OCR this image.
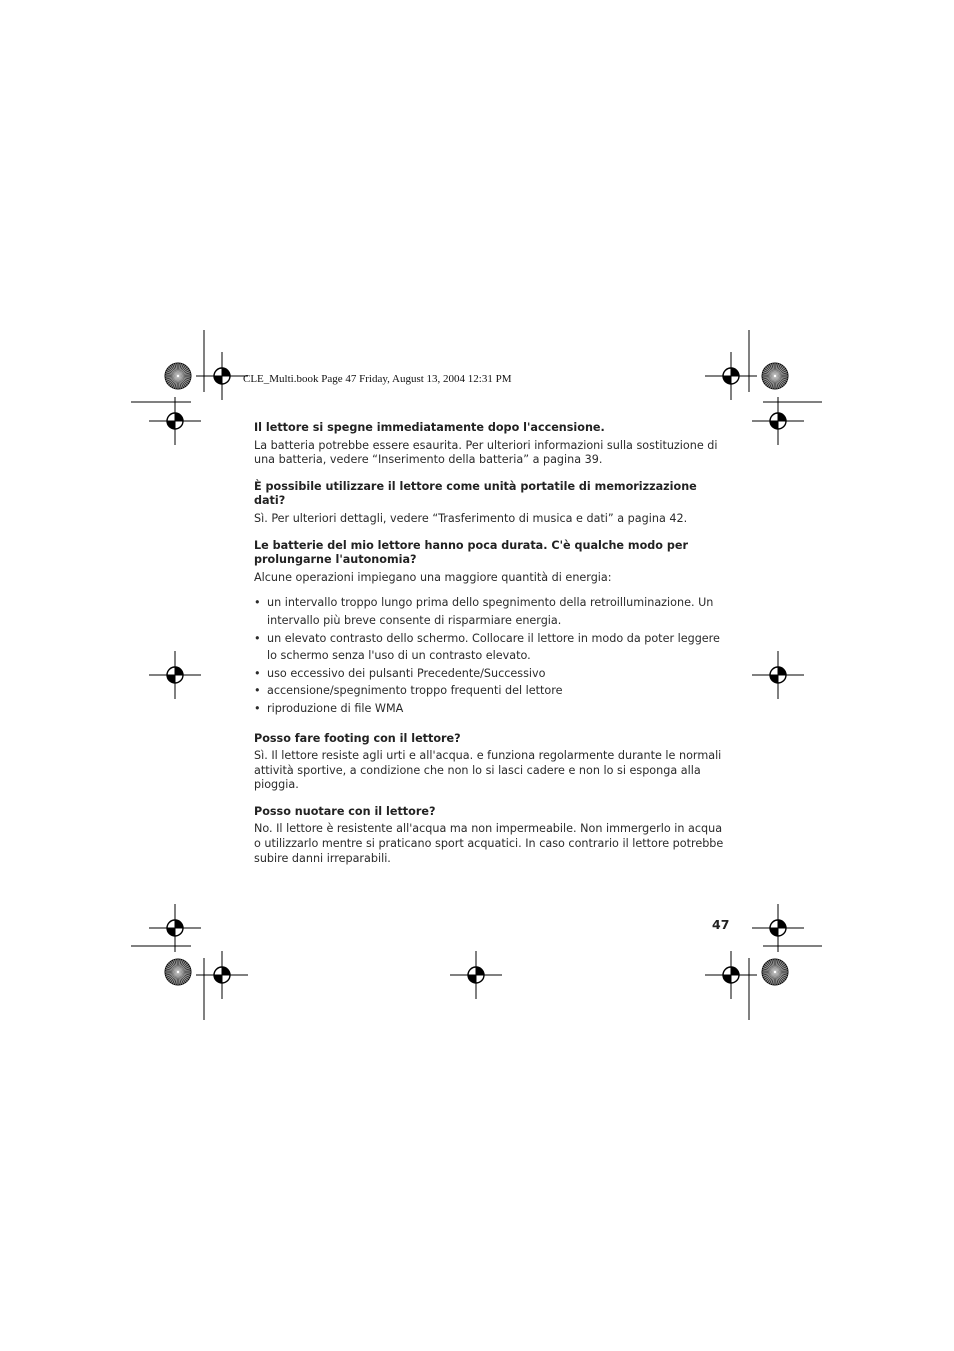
CLE_Multi.book Page 47 Friday, August 13, 2004 12:31 PM

Il lettore si spegne immediatamente dopo l'accensione.

La batteria potrebbe essere esaurita. Per ulteriori informazioni sulla sostituzione di una batteria, vedere “Inserimento della batteria” a pagina 39.

È possibile utilizzare il lettore come unità portatile di memorizzazione dati?

Sì. Per ulteriori dettagli, vedere “Trasferimento di musica e dati” a pagina 42.

Le batterie del mio lettore hanno poca durata. C'è qualche modo per prolungarne l'autonomia?

Alcune operazioni impiegano una maggiore quantità di energia:

• un intervallo troppo lungo prima dello spegnimento della retroilluminazione. Un intervallo più breve consente di risparmiare energia.
• un elevato contrasto dello schermo. Collocare il lettore in modo da poter leggere lo schermo senza l'uso di un contrasto elevato.
• uso eccessivo dei pulsanti Precedente/Successivo
• accensione/spegnimento troppo frequenti del lettore
• riproduzione di file WMA

Posso fare footing con il lettore?

Sì. Il lettore resiste agli urti e all'acqua. e funziona regolarmente durante le normali attività sportive, a condizione che non lo si lasci cadere e non lo si esponga alla pioggia.

Posso nuotare con il lettore?

No. Il lettore è resistente all'acqua ma non impermeabile. Non immergerlo in acqua o utilizzarlo mentre si praticano sport acquatici. In caso contrario il lettore potrebbe subire danni irreparabili.

47
